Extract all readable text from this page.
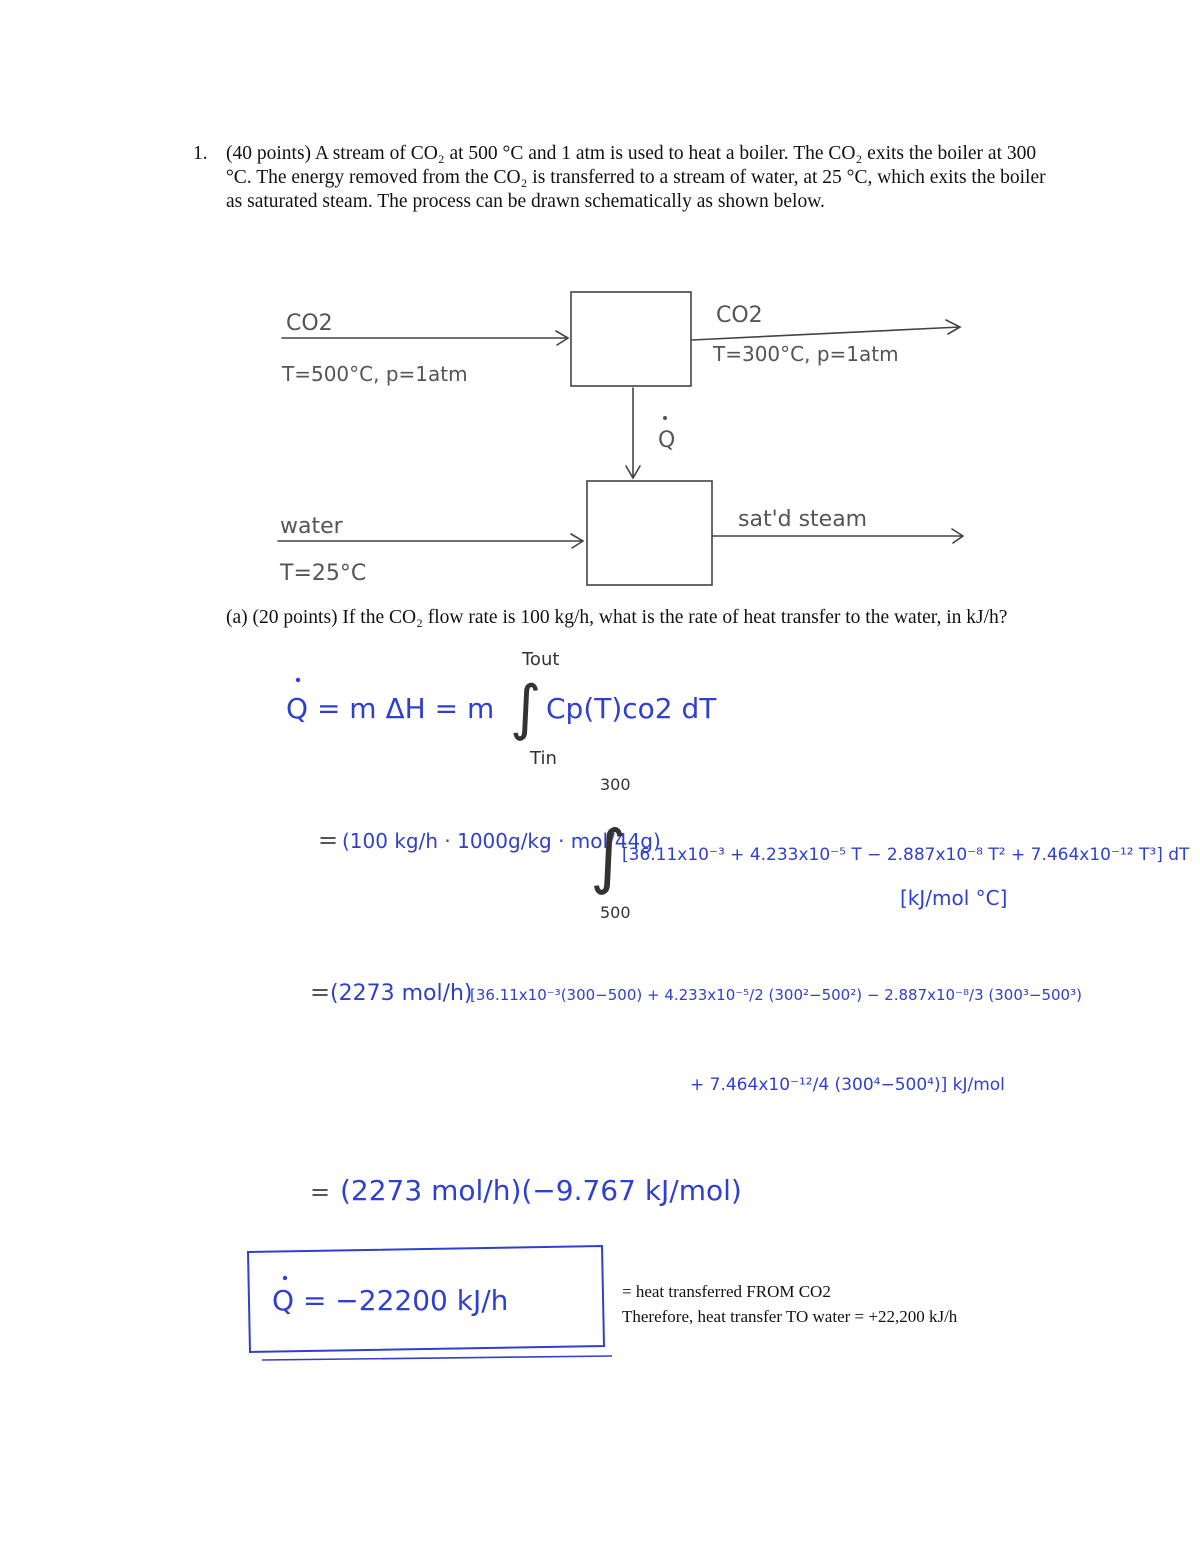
1. (40 points) A stream of CO₂ at 500 °C and 1 atm is used to heat a boiler. The CO₂ exits the boiler at 300 °C. The energy removed from the CO₂ is transferred to a stream of water, at 25 °C, which exits the boiler as saturated steam. The process can be drawn schematically as shown below.
CO2
T=500°C, p=1atm
CO2
T=300°C, p=1atm
Q
water
T=25°C
sat'd steam
(a) (20 points) If the CO₂ flow rate is 100 kg/h, what is the rate of heat transfer to the water, in kJ/h?
Q = m ΔH = m
Tout
∫ Cp(T)co2 dT
Tin
= (100 kg/h · 1000g/kg · mol/44g)
300
∫
500
[36.11x10⁻³ + 4.233x10⁻⁵ T − 2.887x10⁻⁸ T² + 7.464x10⁻¹² T³] dT
[kJ/mol °C]
= (2273 mol/h)
[36.11x10⁻³(300−500) + 4.233x10⁻⁵/2 (300²−500²) − 2.887x10⁻⁸/3 (300³−500³)
+ 7.464x10⁻¹²/4 (300⁴−500⁴)] kJ/mol
= (2273 mol/h)(−9.767 kJ/mol)
Q = −22200 kJ/h	= heat transferred FROM CO2
Therefore, heat transfer TO water = +22,200 kJ/h
